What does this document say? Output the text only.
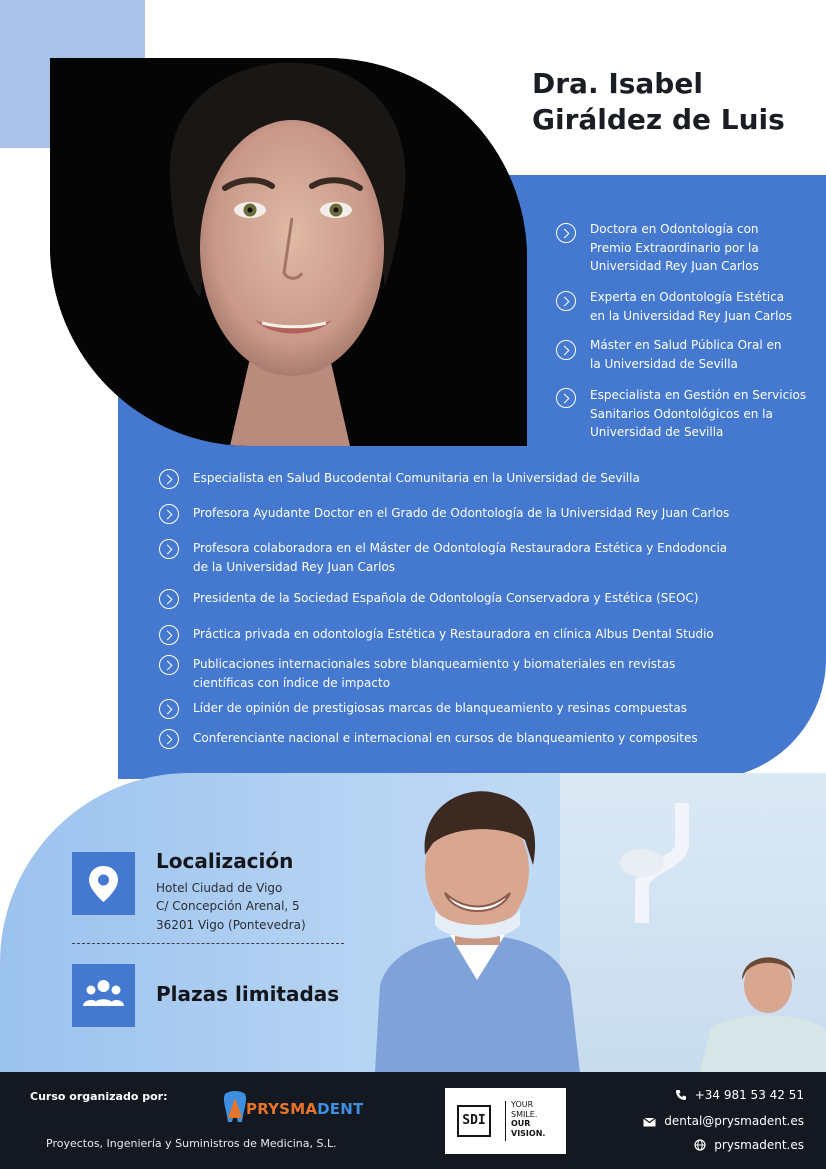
Dra. Isabel
Giráldez de Luis
Doctora en Odontología con
Premio Extraordinario por la
Universidad Rey Juan Carlos
Experta en Odontología Estética
en la Universidad Rey Juan Carlos
Máster en Salud Pública Oral en
la Universidad de Sevilla
Especialista en Gestión en Servicios
Sanitarios Odontológicos en la
Universidad de Sevilla
Especialista en Salud Bucodental Comunitaria en la Universidad de Sevilla
Profesora Ayudante Doctor en el Grado de Odontología de la Universidad Rey Juan Carlos
Profesora colaboradora en el Máster de Odontología Restauradora Estética y Endodoncia
de la Universidad Rey Juan Carlos
Presidenta de la Sociedad Española de Odontología Conservadora y Estética (SEOC)
Práctica privada en odontología Estética y Restauradora en clínica Albus Dental Studio
Publicaciones internacionales sobre blanqueamiento y biomateriales en revistas
científicas con índice de impacto
Líder de opinión de prestigiosas marcas de blanqueamiento y resinas compuestas
Conferenciante nacional e internacional en cursos de blanqueamiento y composites
Localización
Hotel Ciudad de Vigo
C/ Concepción Arenal, 5
36201 Vigo (Pontevedra)
Plazas limitadas
Curso organizado por:
PRYSMADENT
Proyectos, Ingeniería y Suministros de Medicina, S.L.
SDI
YOUR
SMILE.
OUR
VISION.
+34 981 53 42 51
dental@prysmadent.es
prysmadent.es
